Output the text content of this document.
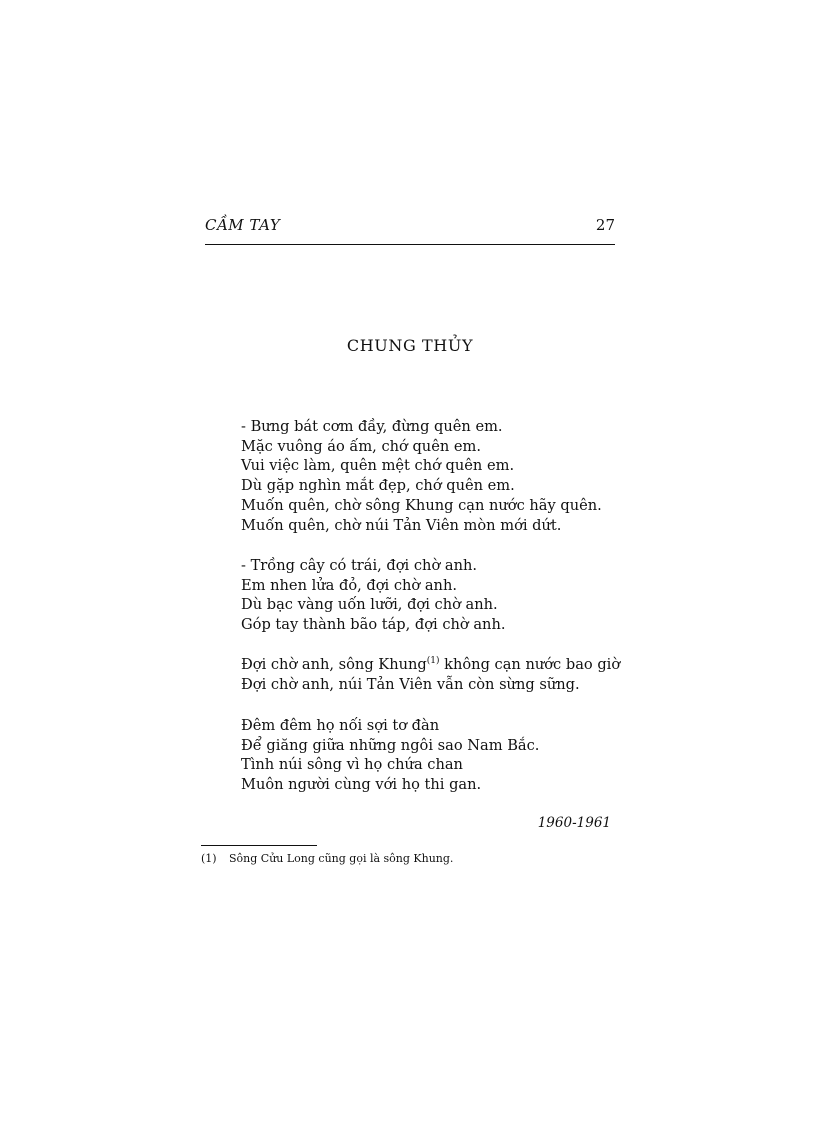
CẦM TAY	27
CHUNG THỦY
- Bưng bát cơm đầy, đừng quên em.
Mặc vuông áo ấm, chớ quên em.
Vui việc làm, quên mệt chớ quên em.
Dù gặp nghìn mắt đẹp, chớ quên em.
Muốn quên, chờ sông Khung cạn nước hãy quên.
Muốn quên, chờ núi Tản Viên mòn mới dứt.
- Trồng cây có trái, đợi chờ anh.
Em nhen lửa đỏ, đợi chờ anh.
Dù bạc vàng uốn lưỡi, đợi chờ anh.
Góp tay thành bão táp, đợi chờ anh.
Đợi chờ anh, sông Khung$^{(1)}$ không cạn nước bao giờ
Đợi chờ anh, núi Tản Viên vẫn còn sừng sững.
Đêm đêm họ nối sợi tơ đàn
Để giăng giữa những ngôi sao Nam Bắc.
Tình núi sông vì họ chứa chan
Muôn người cùng với họ thi gan.
1960-1961
(1) Sông Cửu Long cũng gọi là sông Khung.
